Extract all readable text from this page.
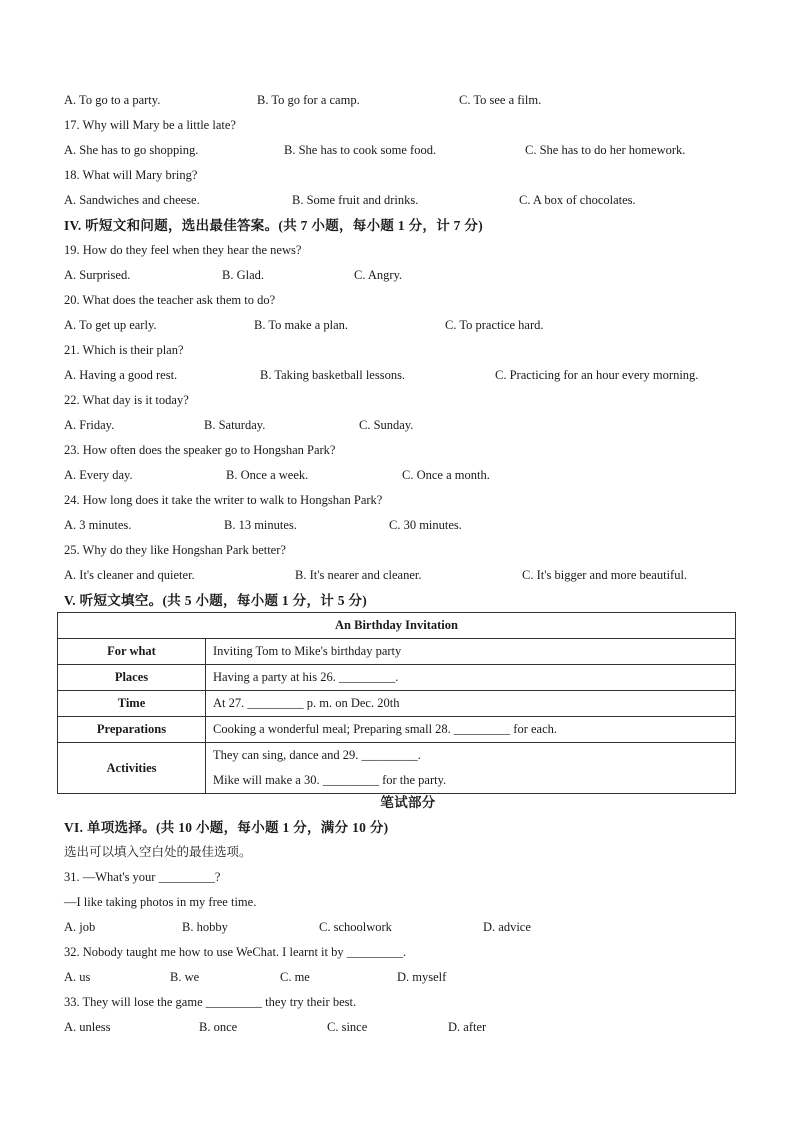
A. To go to a party.	B. To go for a camp.	C. To see a film.
17. Why will Mary be a little late?
A. She has to go shopping.	B. She has to cook some food.	C. She has to do her homework.
18. What will Mary bring?
A. Sandwiches and cheese.	B. Some fruit and drinks.	C. A box of chocolates.
IV. 听短文和问题，选出最佳答案。(共 7 小题，每小题 1 分，计 7 分)
19. How do they feel when they hear the news?
A. Surprised.	B. Glad.	C. Angry.
20. What does the teacher ask them to do?
A. To get up early.	B. To make a plan.	C. To practice hard.
21. Which is their plan?
A. Having a good rest.	B. Taking basketball lessons.	C. Practicing for an hour every morning.
22. What day is it today?
A. Friday.	B. Saturday.	C. Sunday.
23. How often does the speaker go to Hongshan Park?
A. Every day.	B. Once a week.	C. Once a month.
24. How long does it take the writer to walk to Hongshan Park?
A. 3 minutes.	B. 13 minutes.	C. 30 minutes.
25. Why do they like Hongshan Park better?
A. It's cleaner and quieter.	B. It's nearer and cleaner.	C. It's bigger and more beautiful.
V. 听短文填空。(共 5 小题，每小题 1 分，计 5 分)
An Birthday Invitation	
For what	Inviting Tom to Mike's birthday party
Places	Having a party at his 26. _________.
Time	At 27. _________ p. m. on Dec. 20th
Preparations	Cooking a wonderful meal; Preparing small 28. _________ for each.
Activities	They can sing, dance and 29. _________.
Mike will make a 30. _________ for the party.
笔试部分
VI. 单项选择。(共 10 小题，每小题 1 分，满分 10 分)
选出可以填入空白处的最佳选项。
31. —What's your _________?
—I like taking photos in my free time.
A. job	B. hobby	C. schoolwork	D. advice
32. Nobody taught me how to use WeChat. I learnt it by _________.
A. us	B. we	C. me	D. myself
33. They will lose the game _________ they try their best.
A. unless	B. once	C. since	D. after
